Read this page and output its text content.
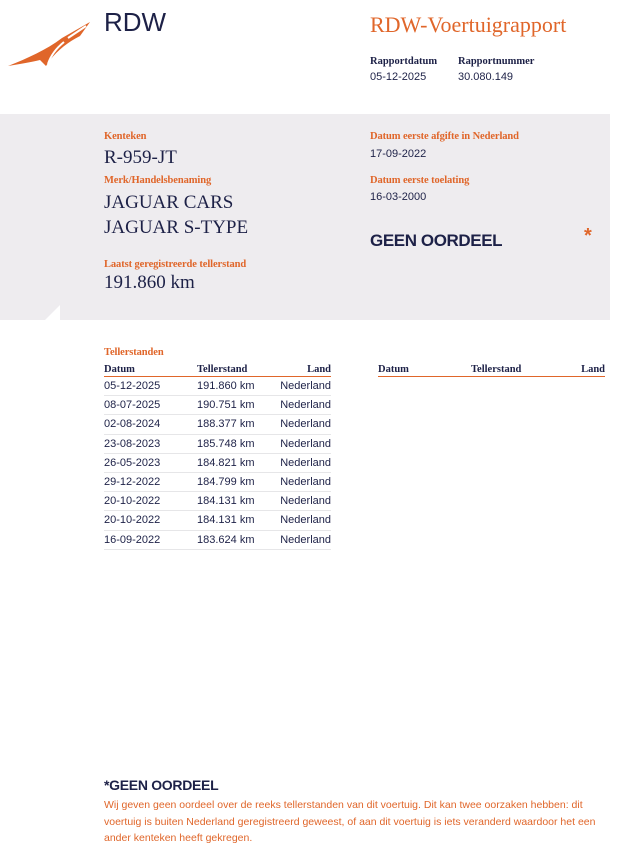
RDW	RDW-Voertuigrapport
Rapportdatum
05-12-2025
Rapportnummer
30.080.149
Kenteken
R-959-JT
Merk/Handelsbenaming
JAGUAR CARS
JAGUAR S-TYPE
Laatst geregistreerde tellerstand
191.860 km
Datum eerste afgifte in Nederland
17-09-2022
Datum eerste toelating
16-03-2000
GEEN OORDEEL	*
Tellerstanden
Datum	Tellerstand	Land
05-12-2025	191.860 km	Nederland
08-07-2025	190.751 km	Nederland
02-08-2024	188.377 km	Nederland
23-08-2023	185.748 km	Nederland
26-05-2023	184.821 km	Nederland
29-12-2022	184.799 km	Nederland
20-10-2022	184.131 km	Nederland
20-10-2022	184.131 km	Nederland
16-09-2022	183.624 km	Nederland
Datum	Tellerstand	Land
*GEEN OORDEEL
Wij geven geen oordeel over de reeks tellerstanden van dit voertuig. Dit kan twee oorzaken hebben: dit voertuig is buiten Nederland geregistreerd geweest, of aan dit voertuig is iets veranderd waardoor het een ander kenteken heeft gekregen.
